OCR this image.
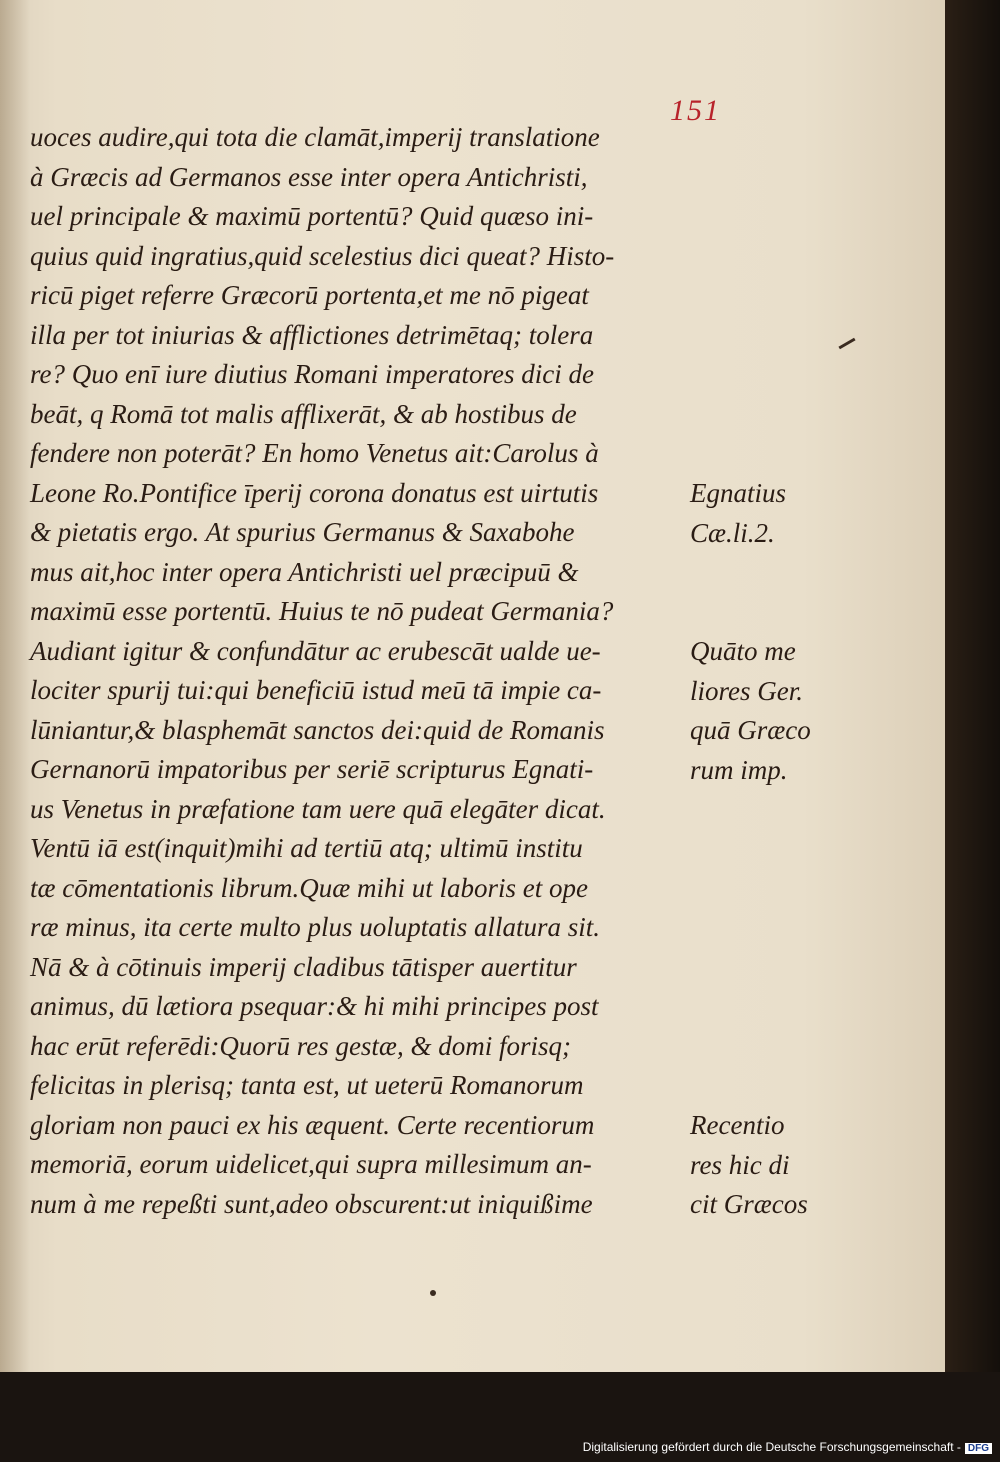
151
uoces audire,qui tota die clamāt,imperij translatione
à Græcis ad Germanos esse inter opera Antichristi,
uel principale & maximū portentū? Quid quæso ini-
quius quid ingratius,quid scelestius dici queat? Histo-
ricū piget referre Græcorū portenta,et me nō pigeat
illa per tot iniurias & afflictiones detrimētaq; tolera
re? Quo enī iure diutius Romani imperatores dici de
beāt, q Romā tot malis afflixerāt, & ab hostibus de
fendere non poterāt? En homo Venetus ait:Carolus à
Leone Ro.Pontifice īperij corona donatus est uirtutis
& pietatis ergo. At spurius Germanus & Saxabohe
mus ait,hoc inter opera Antichristi uel præcipuū &
maximū esse portentū. Huius te nō pudeat Germania?
Audiant igitur & confundātur ac erubescāt ualde ue-
lociter spurij tui:qui beneficiū istud meū tā impie ca-
lūniantur,& blasphemāt sanctos dei:quid de Romanis
Gernanorū impatoribus per seriē scripturus Egnati-
us Venetus in præfatione tam uere quā elegāter dicat.
Ventū iā est(inquit)mihi ad tertiū atq; ultimū institu
tæ cōmentationis librum.Quæ mihi ut laboris et ope
ræ minus, ita certe multo plus uoluptatis allatura sit.
Nā & à cōtinuis imperij cladibus tātisper auertitur
animus, dū lætiora psequar:& hi mihi principes post
hac erūt referēdi:Quorū res gestæ, & domi forisq;
felicitas in plerisq; tanta est, ut ueterū Romanorum
gloriam non pauci ex his æquent. Certe recentiorum
memoriā, eorum uidelicet,qui supra millesimum an-
num à me repeßti sunt,adeo obscurent:ut iniquißime
Egnatius
Cæ.li.2.
Quāto me
liores Ger.
quā Græco
rum imp.
Recentio
res hic di
cit Græcos
Digitalisierung gefördert durch die Deutsche Forschungsgemeinschaft - DFG
